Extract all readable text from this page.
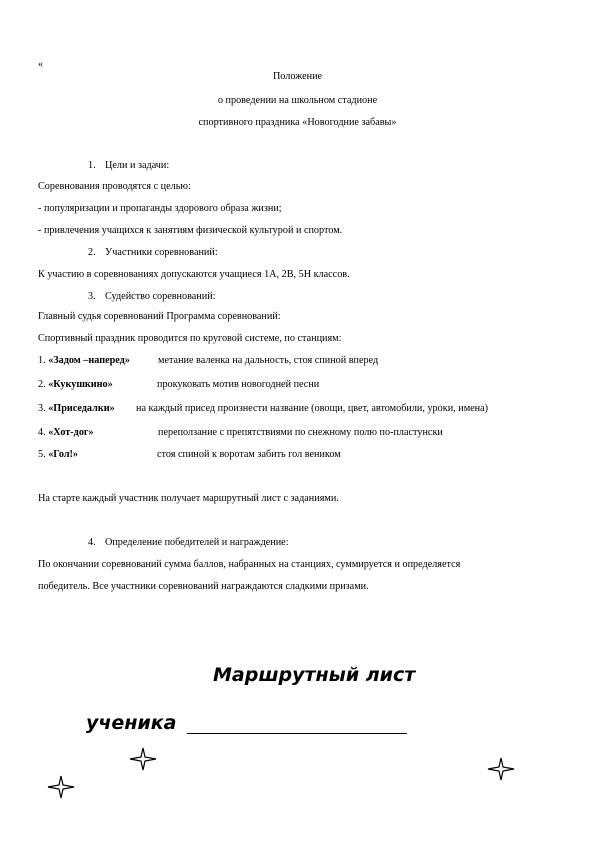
«
Положение
о проведении на школьном стадионе
спортивного праздника «Новогодние забавы»
1. Цели и задачи:
Соревнования проводятся с целью:
- популяризации и пропаганды здорового образа жизни;
- привлечения учащихся к занятиям физической культурой и спортом.
2. Участники соревнований:
К участию в соревнованиях допускаются учащиеся 1А, 2В, 5Н классов.
3. Судейство соревнований:
Главный судья соревнований Программа соревнований:
Спортивный праздник проводится по круговой системе, по станциям:
1. «Задом –наперед»	метание валенка на дальность, стоя спиной вперед
2. «Кукушкино»	прокуковать мотив новогодней песни
3. «Приседалки» на каждый присед произнести название (овощи, цвет, автомобили, уроки, имена)
4. «Хот-дог»	переползание с препятствиями по снежному полю по-пластунски
5. «Гол!»	стоя спиной к воротам забить гол веником
На старте каждый участник получает маршрутный лист с заданиями.
4. Определение победителей и награждение:
По окончании соревнований сумма баллов, набранных на станциях, суммируется и определяется
победитель. Все участники соревнований награждаются сладкими призами.
Маршрутный лист
ученика
